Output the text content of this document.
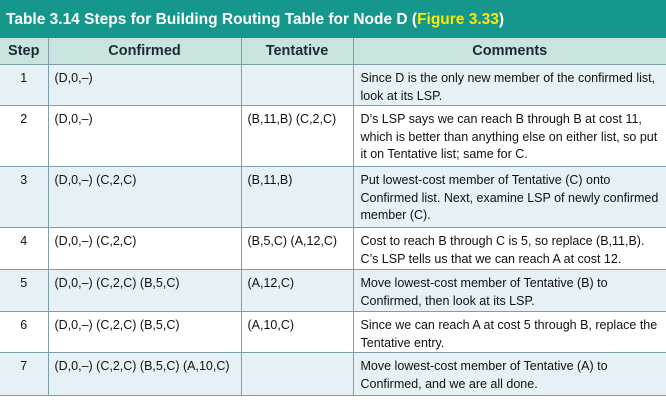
Table 3.14 Steps for Building Routing Table for Node D (Figure 3.33)
Step	Confirmed	Tentative	Comments
1	(D,0,–)		Since D is the only new member of the confirmed list, look at its LSP.
2	(D,0,–)	(B,11,B) (C,2,C)	D’s LSP says we can reach B through B at cost 11, which is better than anything else on either list, so put it on Tentative list; same for C.
3	(D,0,–) (C,2,C)	(B,11,B)	Put lowest-cost member of Tentative (C) onto Confirmed list. Next, examine LSP of newly confirmed member (C).
4	(D,0,–) (C,2,C)	(B,5,C) (A,12,C)	Cost to reach B through C is 5, so replace (B,11,B). C’s LSP tells us that we can reach A at cost 12.
5	(D,0,–) (C,2,C) (B,5,C)	(A,12,C)	Move lowest-cost member of Tentative (B) to Confirmed, then look at its LSP.
6	(D,0,–) (C,2,C) (B,5,C)	(A,10,C)	Since we can reach A at cost 5 through B, replace the Tentative entry.
7	(D,0,–) (C,2,C) (B,5,C) (A,10,C)		Move lowest-cost member of Tentative (A) to Confirmed, and we are all done.
